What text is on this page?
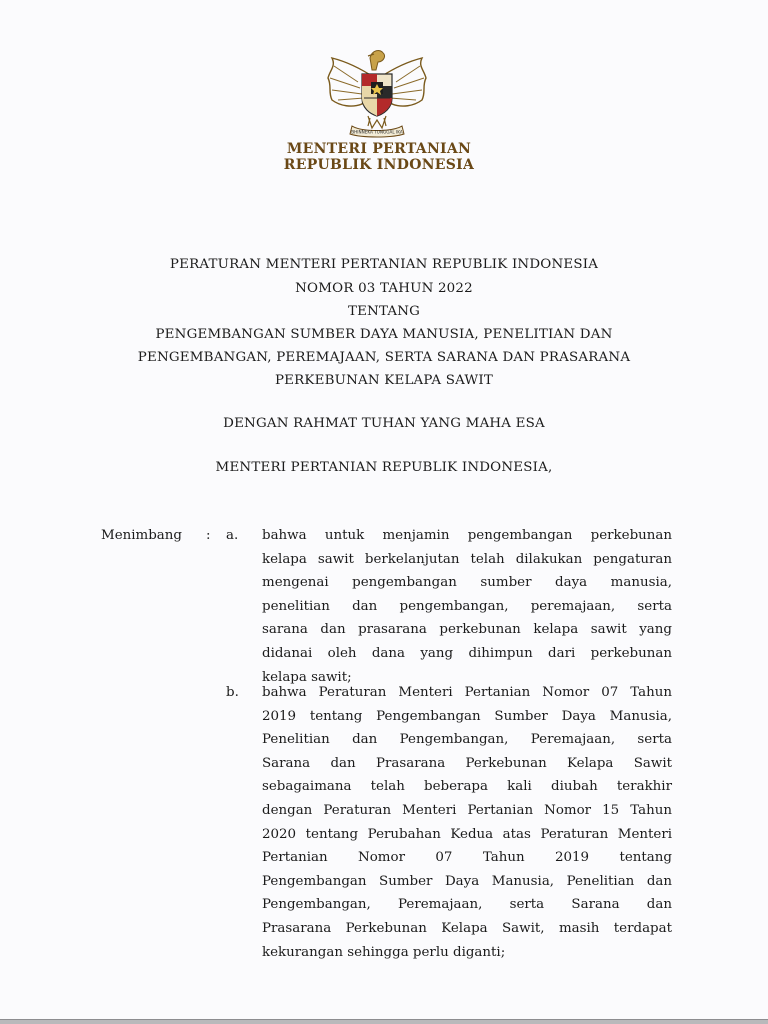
BHINNEKA TUNGGAL IKA
MENTERI PERTANIAN
REPUBLIK INDONESIA
PERATURAN MENTERI PERTANIAN REPUBLIK INDONESIA
NOMOR 03 TAHUN 2022
TENTANG
PENGEMBANGAN SUMBER DAYA MANUSIA, PENELITIAN DAN
PENGEMBANGAN, PEREMAJAAN, SERTA SARANA DAN PRASARANA
PERKEBUNAN KELAPA SAWIT
DENGAN RAHMAT TUHAN YANG MAHA ESA
MENTERI PERTANIAN REPUBLIK INDONESIA,
Menimbang : a. bahwa untuk menjamin pengembangan perkebunan
kelapa sawit berkelanjutan telah dilakukan pengaturan
mengenai pengembangan sumber daya manusia,
penelitian dan pengembangan, peremajaan, serta
sarana dan prasarana perkebunan kelapa sawit yang
didanai oleh dana yang dihimpun dari perkebunan
kelapa sawit;
b. bahwa Peraturan Menteri Pertanian Nomor 07 Tahun
2019 tentang Pengembangan Sumber Daya Manusia,
Penelitian dan Pengembangan, Peremajaan, serta
Sarana dan Prasarana Perkebunan Kelapa Sawit
sebagaimana telah beberapa kali diubah terakhir
dengan Peraturan Menteri Pertanian Nomor 15 Tahun
2020 tentang Perubahan Kedua atas Peraturan Menteri
Pertanian Nomor 07 Tahun 2019 tentang
Pengembangan Sumber Daya Manusia, Penelitian dan
Pengembangan, Peremajaan, serta Sarana dan
Prasarana Perkebunan Kelapa Sawit, masih terdapat
kekurangan sehingga perlu diganti;
